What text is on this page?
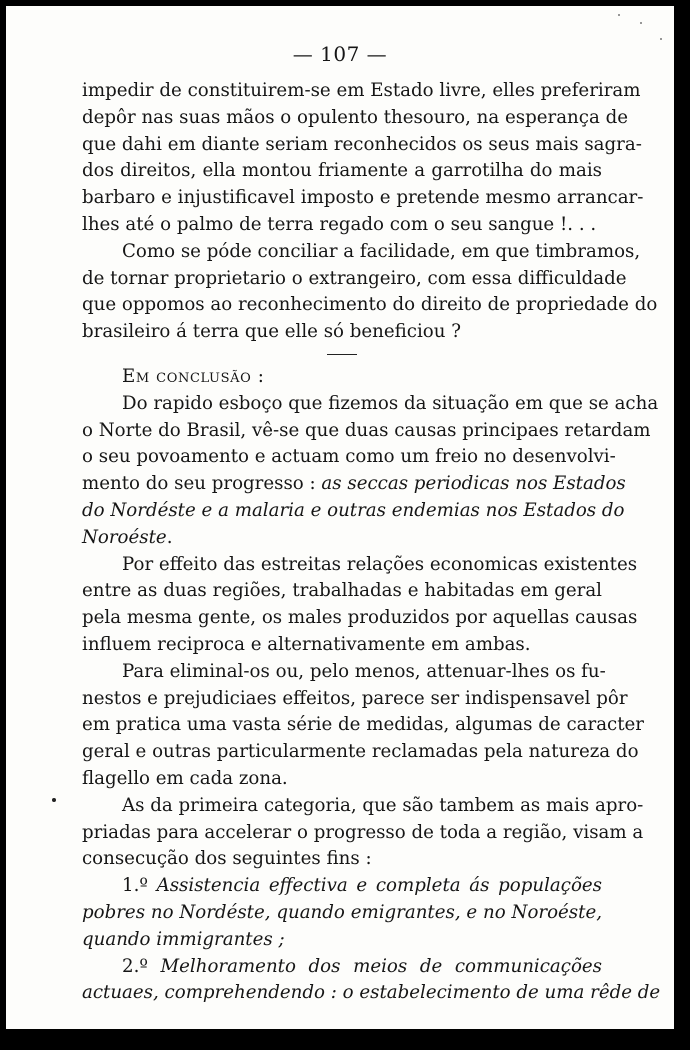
— 107 —

impedir de constituirem-se em Estado livre, elles preferiram
depôr nas suas mãos o opulento thesouro, na esperança de
que dahi em diante seriam reconhecidos os seus mais sagra-
dos direitos, ella montou friamente a garrotilha do mais
barbaro e injustificavel imposto e pretende mesmo arrancar-
lhes até o palmo de terra regado com o seu sangue !. . .

Como se póde conciliar a facilidade, em que timbramos,
de tornar proprietario o extrangeiro, com essa difficuldade
que oppomos ao reconhecimento do direito de propriedade do
brasileiro á terra que elle só beneficiou ?

Em conclusão :

Do rapido esboço que fizemos da situação em que se acha
o Norte do Brasil, vê-se que duas causas principaes retardam
o seu povoamento e actuam como um freio no desenvolvi-
mento do seu progresso : as seccas periodicas nos Estados
do Nordéste e a malaria e outras endemias nos Estados do
Noroéste.

Por effeito das estreitas relações economicas existentes
entre as duas regiões, trabalhadas e habitadas em geral
pela mesma gente, os males produzidos por aquellas causas
influem reciproca e alternativamente em ambas.

Para eliminal-os ou, pelo menos, attenuar-lhes os fu-
nestos e prejudiciaes effeitos, parece ser indispensavel pôr
em pratica uma vasta série de medidas, algumas de caracter
geral e outras particularmente reclamadas pela natureza do
flagello em cada zona.

As da primeira categoria, que são tambem as mais apro-
priadas para accelerar o progresso de toda a região, visam a
consecução dos seguintes fins :

1.º Assistencia effectiva e completa ás populações
pobres no Nordéste, quando emigrantes, e no Noroéste,
quando immigrantes ;

2.º Melhoramento dos meios de communicações
actuaes, comprehendendo : o estabelecimento de uma rêde de
